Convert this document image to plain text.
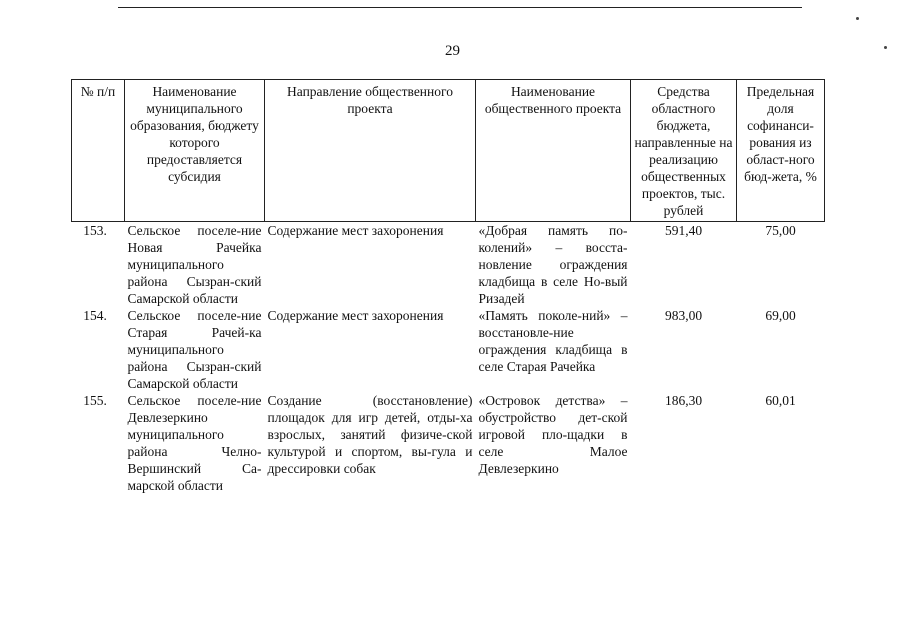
29
№ п/п	Наименование муниципального образования, бюджету которого предоставляется субсидия	Направление общественного проекта	Наименование общественного проекта	Средства областного бюджета, направленные на реализацию общественных проектов, тыс. рублей	Предельная доля софинанси-рования из област-ного бюд-жета, %
153.	Сельское поселе-ние Новая Рачейка муниципального района Сызран-ский Самарской области	Содержание мест захоронения	«Добрая память по-колений» – восста-новление ограждения кладбища в селе Но-вый Ризадей	591,40	75,00
154.	Сельское поселе-ние Старая Рачей-ка муниципального района Сызран-ский Самарской области	Содержание мест захоронения	«Память поколе-ний» – восстановле-ние ограждения кладбища в селе Старая Рачейка	983,00	69,00
155.	Сельское поселе-ние Девлезеркино муниципального района Челно-Вершинский Са-марской области	Создание (восстановление) площадок для игр детей, отды-ха взрослых, занятий физиче-ской культурой и спортом, вы-гула и дрессировки собак	«Островок детства» – обустройство дет-ской игровой пло-щадки в селе Малое Девлезеркино	186,30	60,01
